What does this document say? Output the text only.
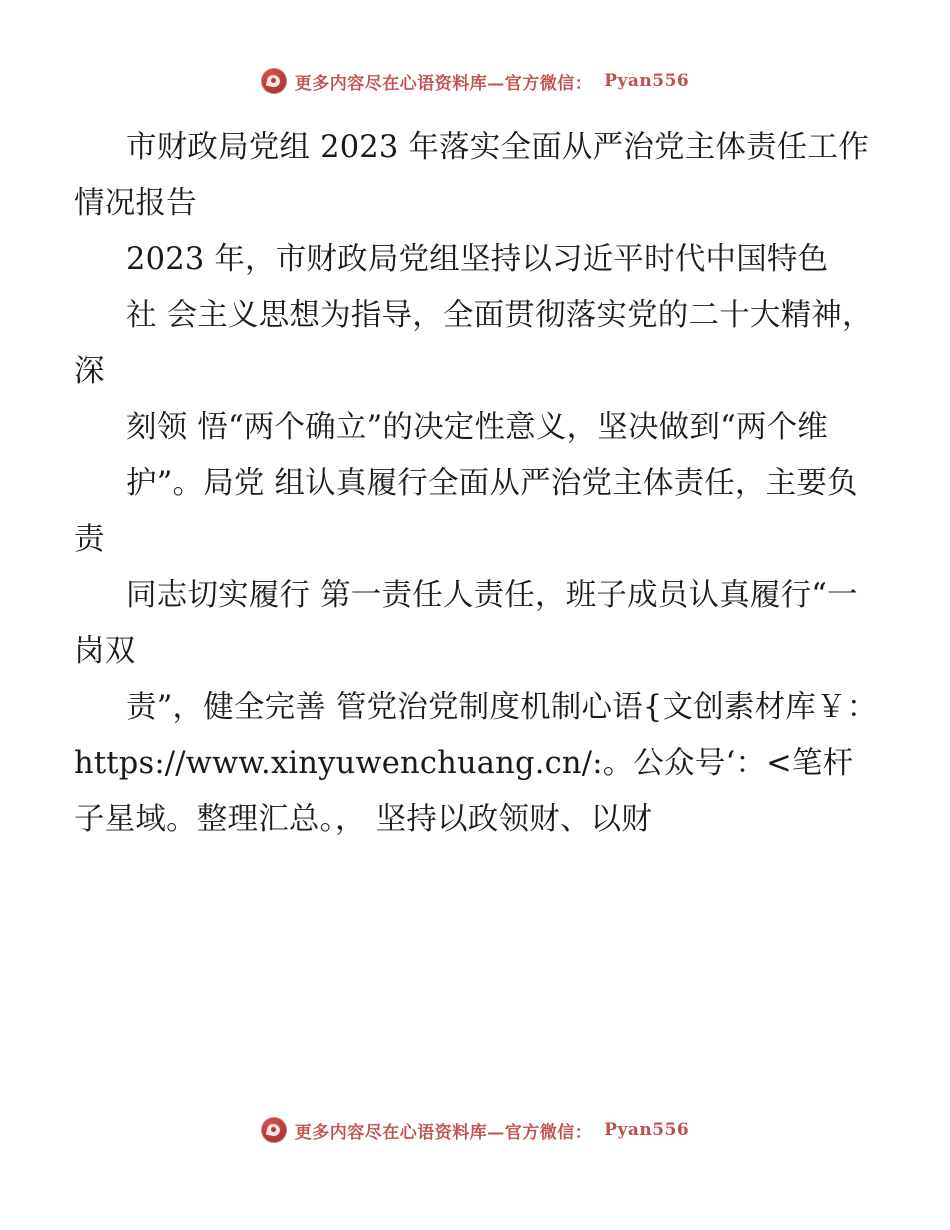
更多内容尽在心语资料库—官方微信： Pyan556

市财政局党组 2023 年落实全面从严治党主体责任工作情况报告

2023 年，市财政局党组坚持以习近平时代中国特色

社 会主义思想为指导，全面贯彻落实党的二十大精神，深

刻领 悟“两个确立”的决定性意义，坚决做到“两个维

护”。局党 组认真履行全面从严治党主体责任，主要负责

同志切实履行 第一责任人责任，班子成员认真履行“一岗双

责”，健全完善 管党治党制度机制心语{文创素材库￥：https://www.xinyuwenchuang.cn/:。公众号‘：<笔杆子星域。整理汇总。， 坚持以政领财、以财

更多内容尽在心语资料库—官方微信： Pyan556
